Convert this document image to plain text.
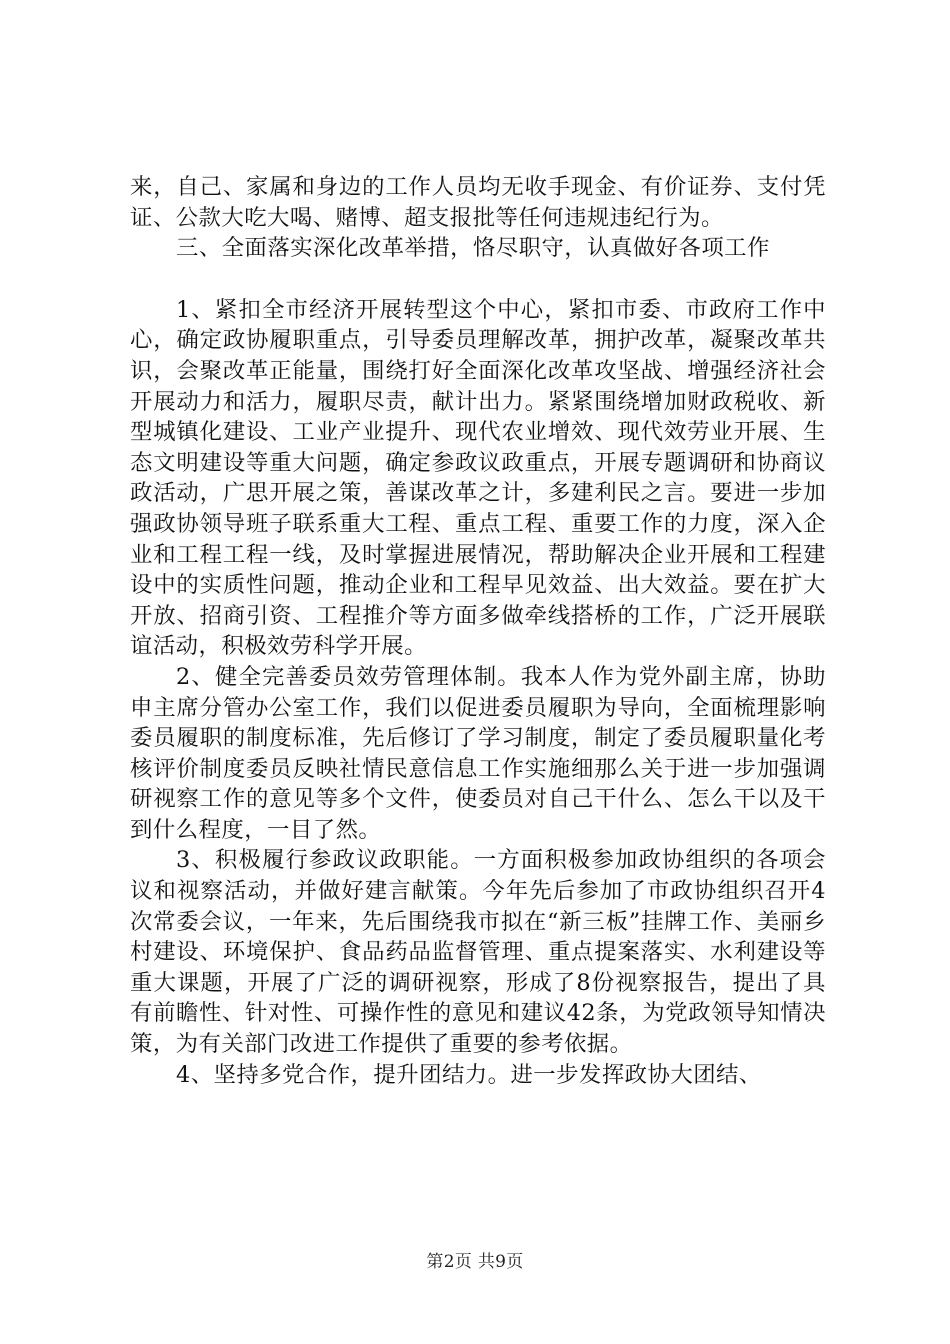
来，自己、家属和身边的工作人员均无收手现金、有价证券、支付凭证、公款大吃大喝、赌博、超支报批等任何违规违纪行为。

三、全面落实深化改革举措，恪尽职守，认真做好各项工作

1、紧扣全市经济开展转型这个中心，紧扣市委、市政府工作中心，确定政协履职重点，引导委员理解改革，拥护改革，凝聚改革共识，会聚改革正能量，围绕打好全面深化改革攻坚战、增强经济社会开展动力和活力，履职尽责，献计出力。紧紧围绕增加财政税收、新型城镇化建设、工业产业提升、现代农业增效、现代效劳业开展、生态文明建设等重大问题，确定参政议政重点，开展专题调研和协商议政活动，广思开展之策，善谋改革之计，多建利民之言。要进一步加强政协领导班子联系重大工程、重点工程、重要工作的力度，深入企业和工程工程一线，及时掌握进展情况，帮助解决企业开展和工程建设中的实质性问题，推动企业和工程早见效益、出大效益。要在扩大开放、招商引资、工程推介等方面多做牵线搭桥的工作，广泛开展联谊活动，积极效劳科学开展。

2、健全完善委员效劳管理体制。我本人作为党外副主席，协助申主席分管办公室工作，我们以促进委员履职为导向，全面梳理影响委员履职的制度标准，先后修订了学习制度，制定了委员履职量化考核评价制度委员反映社情民意信息工作实施细那么关于进一步加强调研视察工作的意见等多个文件，使委员对自己干什么、怎么干以及干到什么程度，一目了然。

3、积极履行参政议政职能。一方面积极参加政协组织的各项会议和视察活动，并做好建言献策。今年先后参加了市政协组织召开4次常委会议，一年来，先后围绕我市拟在“新三板”挂牌工作、美丽乡村建设、环境保护、食品药品监督管理、重点提案落实、水利建设等重大课题，开展了广泛的调研视察，形成了8份视察报告，提出了具有前瞻性、针对性、可操作性的意见和建议42条，为党政领导知情决策，为有关部门改进工作提供了重要的参考依据。

4、坚持多党合作，提升团结力。进一步发挥政协大团结、

第2页 共9页
